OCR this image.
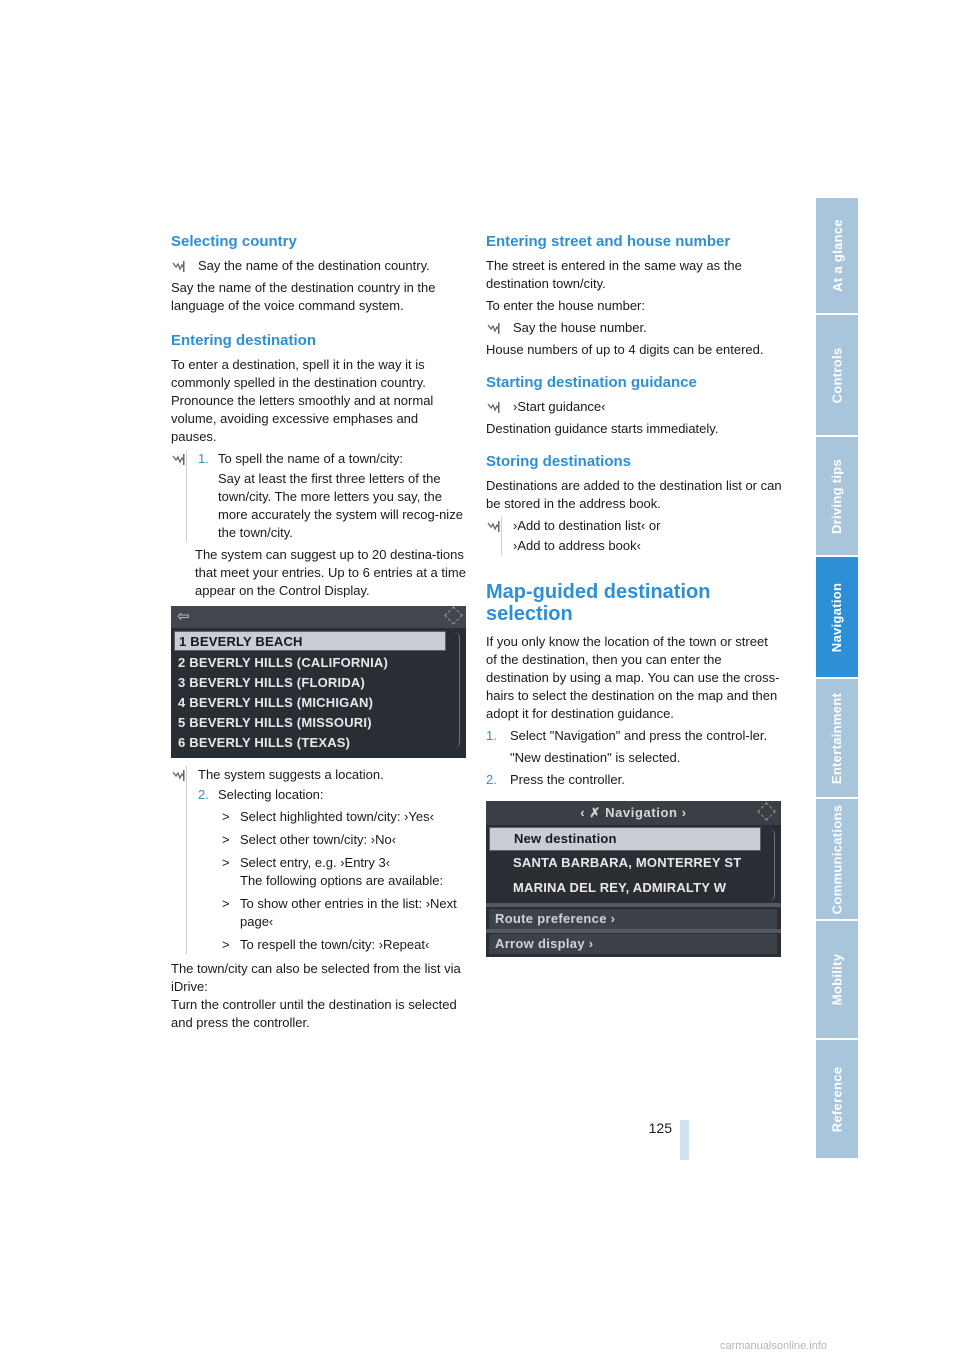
At a glance
Controls
Driving tips
Navigation
Entertainment
Communications
Mobility
Reference
Selecting country

Say the name of the destination country.

Say the name of the destination country in the language of the voice command system.

Entering destination

To enter a destination, spell it in the way it is commonly spelled in the destination country. Pronounce the letters smoothly and at normal volume, avoiding excessive emphases and pauses.

1. To spell the name of a town/city:

Say at least the first three letters of the town/city. The more letters you say, the more accurately the system will recog-nize the town/city.

The system can suggest up to 20 destina-tions that meet your entries. Up to 6 entries at a time appear on the Control Display.

⇦
1 BEVERLY BEACH
2 BEVERLY HILLS (CALIFORNIA)
3 BEVERLY HILLS (FLORIDA)
4 BEVERLY HILLS (MICHIGAN)
5 BEVERLY HILLS (MISSOURI)
6 BEVERLY HILLS (TEXAS)

The system suggests a location.

2. Selecting location:

> Select highlighted town/city: ›Yes‹
> Select other town/city: ›No‹
> Select entry, e.g. ›Entry 3‹

The following options are available:

> To show other entries in the list: ›Next page‹
> To respell the town/city: ›Repeat‹

The town/city can also be selected from the list via iDrive:

Turn the controller until the destination is selected and press the controller.

Entering street and house number

The street is entered in the same way as the destination town/city.

To enter the house number:

Say the house number.

House numbers of up to 4 digits can be entered.

Starting destination guidance

›Start guidance‹

Destination guidance starts immediately.

Storing destinations

Destinations are added to the destination list or can be stored in the address book.

›Add to destination list‹ or

›Add to address book‹

Map-guided destination selection

If you only know the location of the town or street of the destination, then you can enter the destination by using a map. You can use the cross-hairs to select the destination on the map and then adopt it for destination guidance.

1.	Select "Navigation" and press the control-ler.

"New destination" is selected.

2.	Press the controller.

‹ ✗ Navigation ›
New destination
SANTA BARBARA, MONTERREY ST
MARINA DEL REY, ADMIRALTY W
Route preference ›
Arrow display ›
125
carmanualsonline.info
